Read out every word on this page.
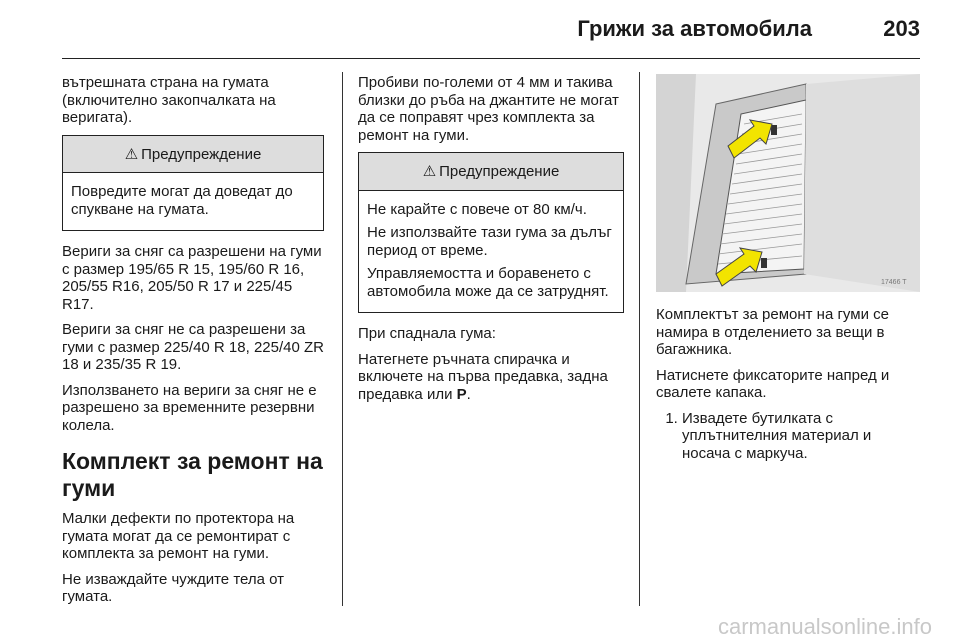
Грижи за автомобила	203

вътрешната страна на гумата (включително закопчалката на веригата).

⚠ Предупреждение

Повредите могат да доведат до спукване на гумата.

Вериги за сняг са разрешени на гуми с размер 195/65 R 15, 195/60 R 16, 205/55 R16, 205/50 R 17 и 225/45 R17.

Вериги за сняг не са разрешени за гуми с размер 225/40 R 18, 225/40 ZR 18 и 235/35 R 19.

Използването на вериги за сняг не е разрешено за временните резервни колела.

Комплект за ремонт на гуми

Малки дефекти по протектора на гумата могат да се ремонтират с комплекта за ремонт на гуми.

Не изваждайте чуждите тела от гумата.

Пробиви по-големи от 4 мм и такива близки до ръба на джантите не могат да се поправят чрез комплекта за ремонт на гуми.

⚠ Предупреждение

Не карайте с повече от 80 км/ч.

Не използвайте тази гума за дълъг период от време.

Управляемостта и боравенето с автомобила може да се затруднят.

При спаднала гума:

Натегнете ръчната спирачка и включете на първа предавка, задна предавка или P.

17466 T

Комплектът за ремонт на гуми се намира в отделението за вещи в багажника.

Натиснете фиксаторите напред и свалете капака.

1. Извадете бутилката с уплътнителния материал и носача с маркуча.
carmanualsonline.info
